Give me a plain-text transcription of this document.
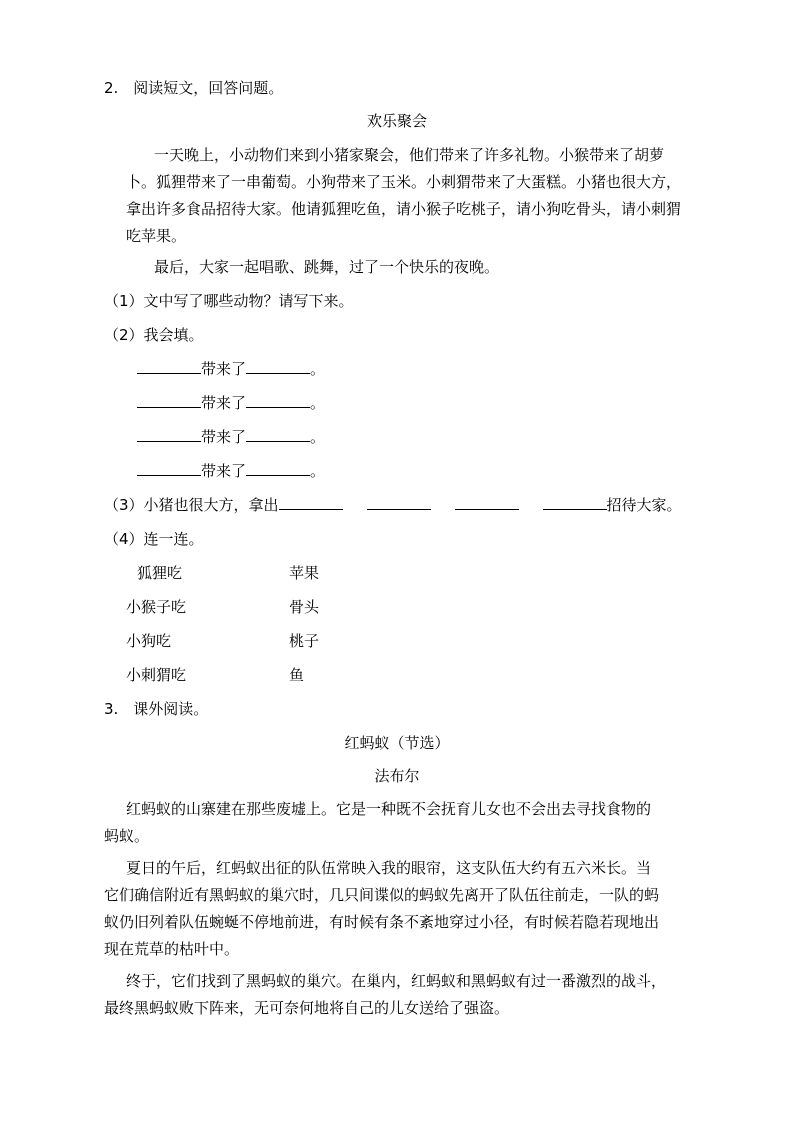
2.　阅读短文，回答问题。
欢乐聚会
一天晚上，小动物们来到小猪家聚会，他们带来了许多礼物。小猴带来了胡萝
卜。狐狸带来了一串葡萄。小狗带来了玉米。小刺猬带来了大蛋糕。小猪也很大方，
拿出许多食品招待大家。他请狐狸吃鱼，请小猴子吃桃子，请小狗吃骨头，请小刺猬
吃苹果。
最后，大家一起唱歌、跳舞，过了一个快乐的夜晚。
（1）文中写了哪些动物？请写下来。
（2）我会填。
带来了	。
带来了	。
带来了	。
带来了	。
（3）小猪也很大方，拿出	招待大家。
（4）连一连。
狐狸吃	苹果
小猴子吃	骨头
小狗吃	桃子
小刺猬吃	鱼
3.　课外阅读。
红蚂蚁（节选）
法布尔
红蚂蚁的山寨建在那些废墟上。它是一种既不会抚育儿女也不会出去寻找食物的
蚂蚁。
夏日的午后，红蚂蚁出征的队伍常映入我的眼帘，这支队伍大约有五六米长。当
它们确信附近有黑蚂蚁的巢穴时，几只间谍似的蚂蚁先离开了队伍往前走，一队的蚂
蚁仍旧列着队伍蜿蜒不停地前进，有时候有条不紊地穿过小径，有时候若隐若现地出
现在荒草的枯叶中。
终于，它们找到了黑蚂蚁的巢穴。在巢内，红蚂蚁和黑蚂蚁有过一番激烈的战斗，
最终黑蚂蚁败下阵来，无可奈何地将自己的儿女送给了强盗。
